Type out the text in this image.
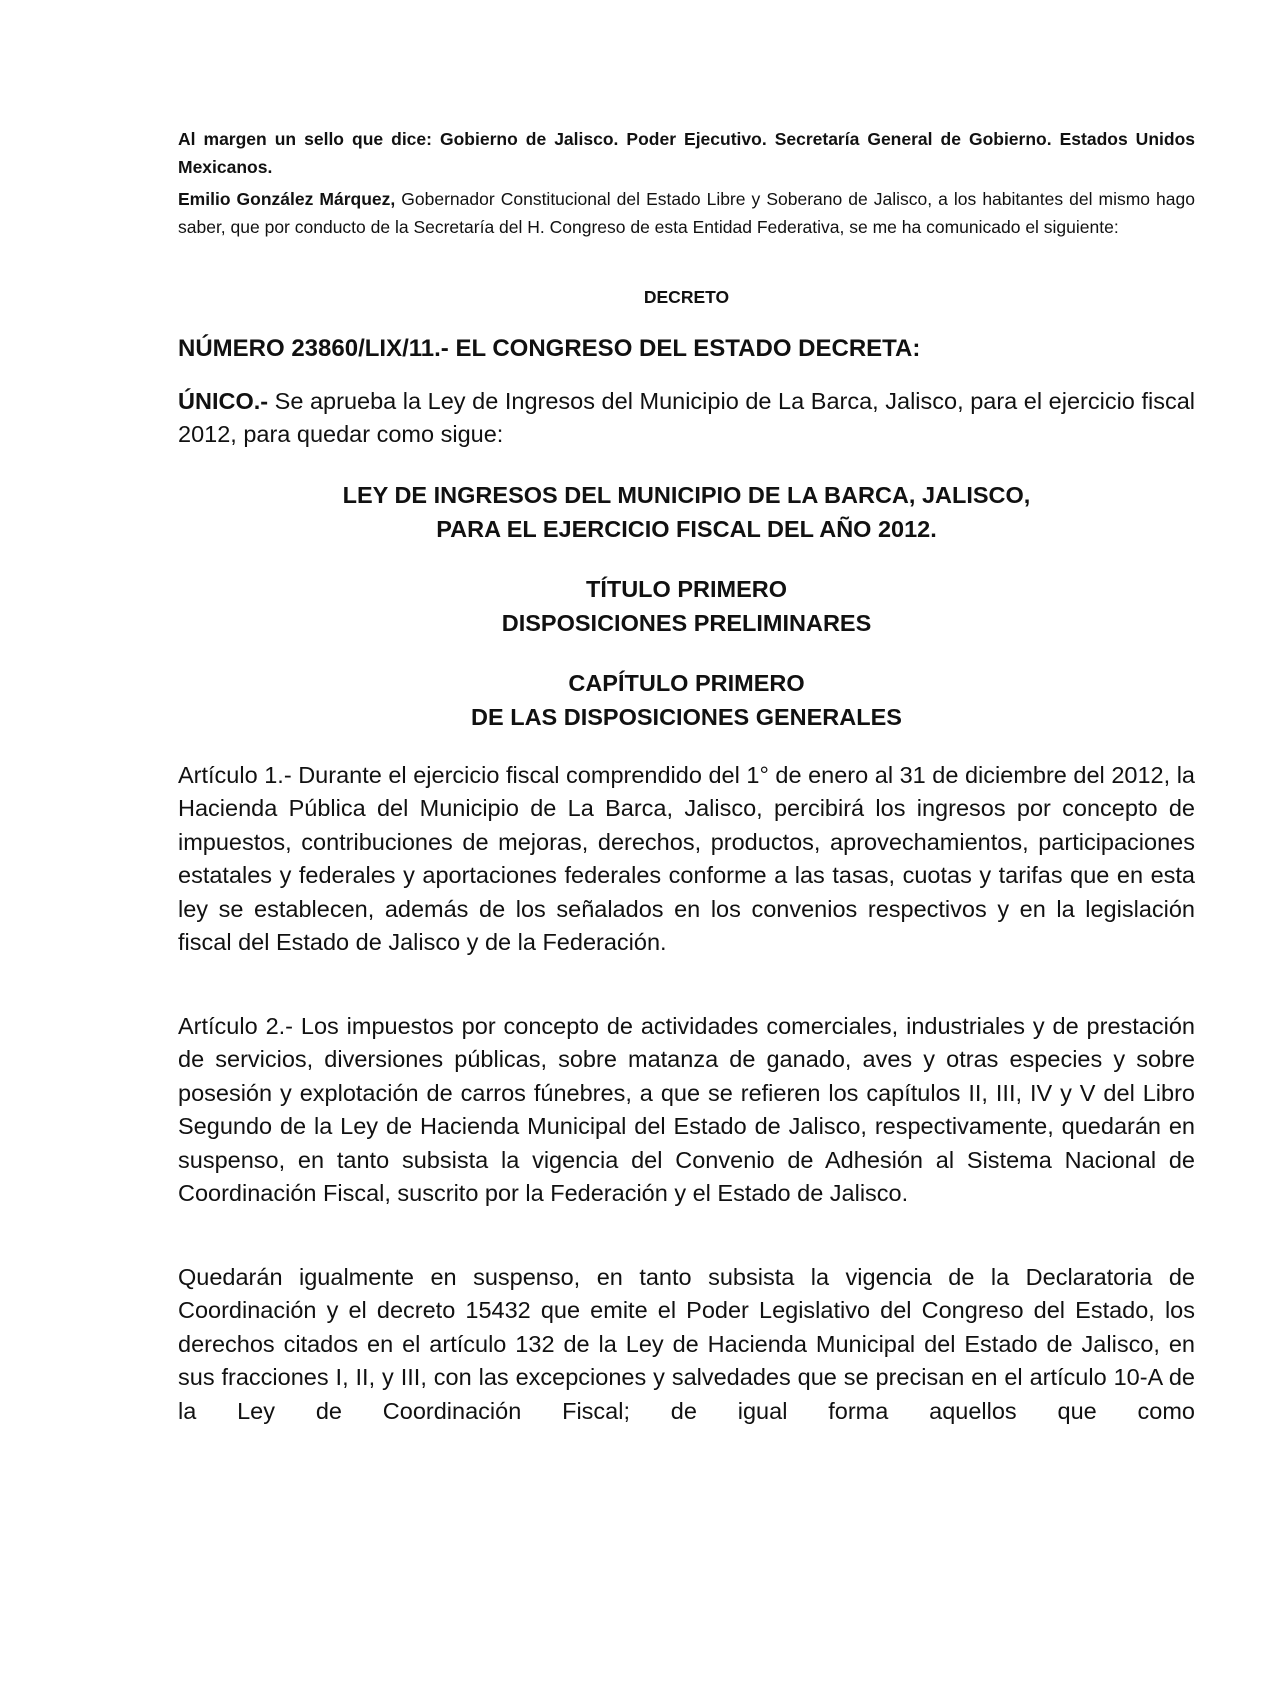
Al margen un sello que dice: Gobierno de Jalisco. Poder Ejecutivo. Secretaría General de Gobierno. Estados Unidos Mexicanos.
Emilio González Márquez, Gobernador Constitucional del Estado Libre y Soberano de Jalisco, a los habitantes del mismo hago saber, que por conducto de la Secretaría del H. Congreso de esta Entidad Federativa, se me ha comunicado el siguiente:
DECRETO
NÚMERO 23860/LIX/11.- EL CONGRESO DEL ESTADO DECRETA:
ÚNICO.- Se aprueba la Ley de Ingresos del Municipio de La Barca, Jalisco, para el ejercicio fiscal 2012, para quedar como sigue:
LEY DE INGRESOS DEL MUNICIPIO DE LA BARCA, JALISCO,
PARA EL EJERCICIO FISCAL DEL AÑO 2012.
TÍTULO PRIMERO
DISPOSICIONES PRELIMINARES
CAPÍTULO PRIMERO
DE LAS DISPOSICIONES GENERALES
Artículo 1.- Durante el ejercicio fiscal comprendido del 1° de enero al 31 de diciembre del 2012, la Hacienda Pública del Municipio de La Barca, Jalisco, percibirá los ingresos por concepto de impuestos, contribuciones de mejoras, derechos, productos, aprovechamientos, participaciones estatales y federales y aportaciones federales conforme a las tasas, cuotas y tarifas que en esta ley se establecen, además de los señalados en los convenios respectivos y en la legislación fiscal del Estado de Jalisco y de la Federación.
Artículo 2.- Los impuestos por concepto de actividades comerciales, industriales y de prestación de servicios, diversiones públicas, sobre matanza de ganado, aves y otras especies y sobre posesión y explotación de carros fúnebres, a que se refieren los capítulos II, III, IV y V del Libro Segundo de la Ley de Hacienda Municipal del Estado de Jalisco, respectivamente, quedarán en suspenso, en tanto subsista la vigencia del Convenio de Adhesión al Sistema Nacional de Coordinación Fiscal, suscrito por la Federación y el Estado de Jalisco.
Quedarán igualmente en suspenso, en tanto subsista la vigencia de la Declaratoria de Coordinación y el decreto 15432 que emite el Poder Legislativo del Congreso del Estado, los derechos citados en el artículo 132 de la Ley de Hacienda Municipal del Estado de Jalisco, en sus fracciones I, II, y III, con las excepciones y salvedades que se precisan en el artículo 10-A de la Ley de Coordinación Fiscal; de igual forma aquellos que como
